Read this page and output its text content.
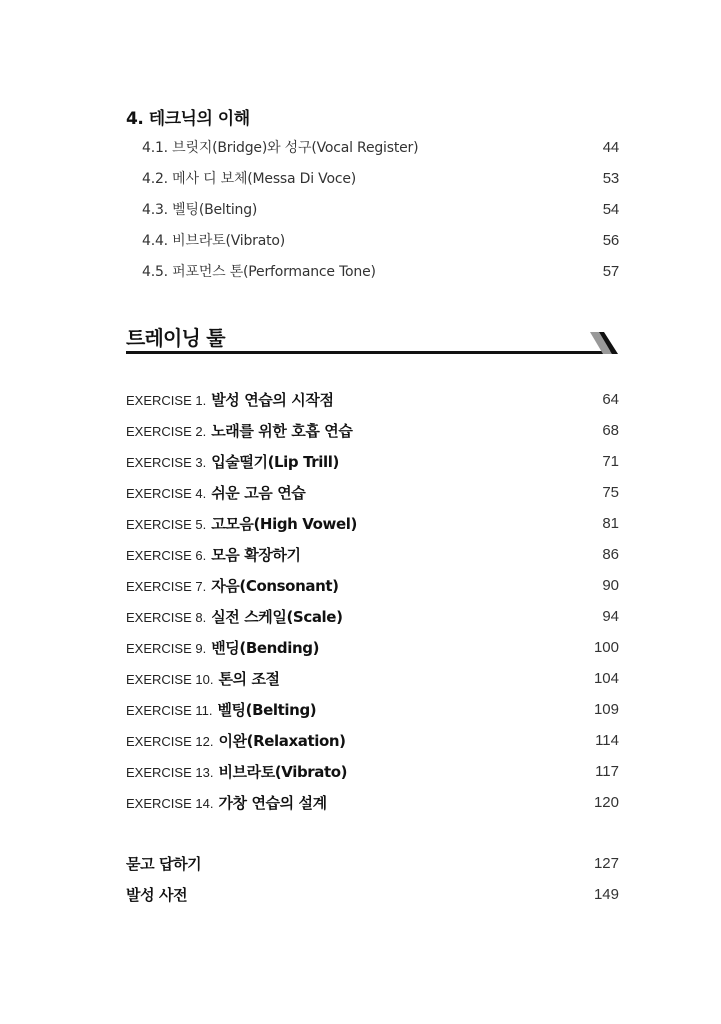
4. 테크닉의 이해
4.1. 브릿지(Bridge)와 성구(Vocal Register)	44
4.2. 메사 디 보체(Messa Di Voce)	53
4.3. 벨팅(Belting)	54
4.4. 비브라토(Vibrato)	56
4.5. 퍼포먼스 톤(Performance Tone)	57
트레이닝 툴
EXERCISE 1. 발성 연습의 시작점	64
EXERCISE 2. 노래를 위한 호흡 연습	68
EXERCISE 3. 입술떨기(Lip Trill)	71
EXERCISE 4. 쉬운 고음 연습	75
EXERCISE 5. 고모음(High Vowel)	81
EXERCISE 6. 모음 확장하기	86
EXERCISE 7. 자음(Consonant)	90
EXERCISE 8. 실전 스케일(Scale)	94
EXERCISE 9. 밴딩(Bending)	100
EXERCISE 10. 톤의 조절	104
EXERCISE 11. 벨팅(Belting)	109
EXERCISE 12. 이완(Relaxation)	114
EXERCISE 13. 비브라토(Vibrato)	117
EXERCISE 14. 가창 연습의 설계	120
묻고 답하기	127
발성 사전	149
